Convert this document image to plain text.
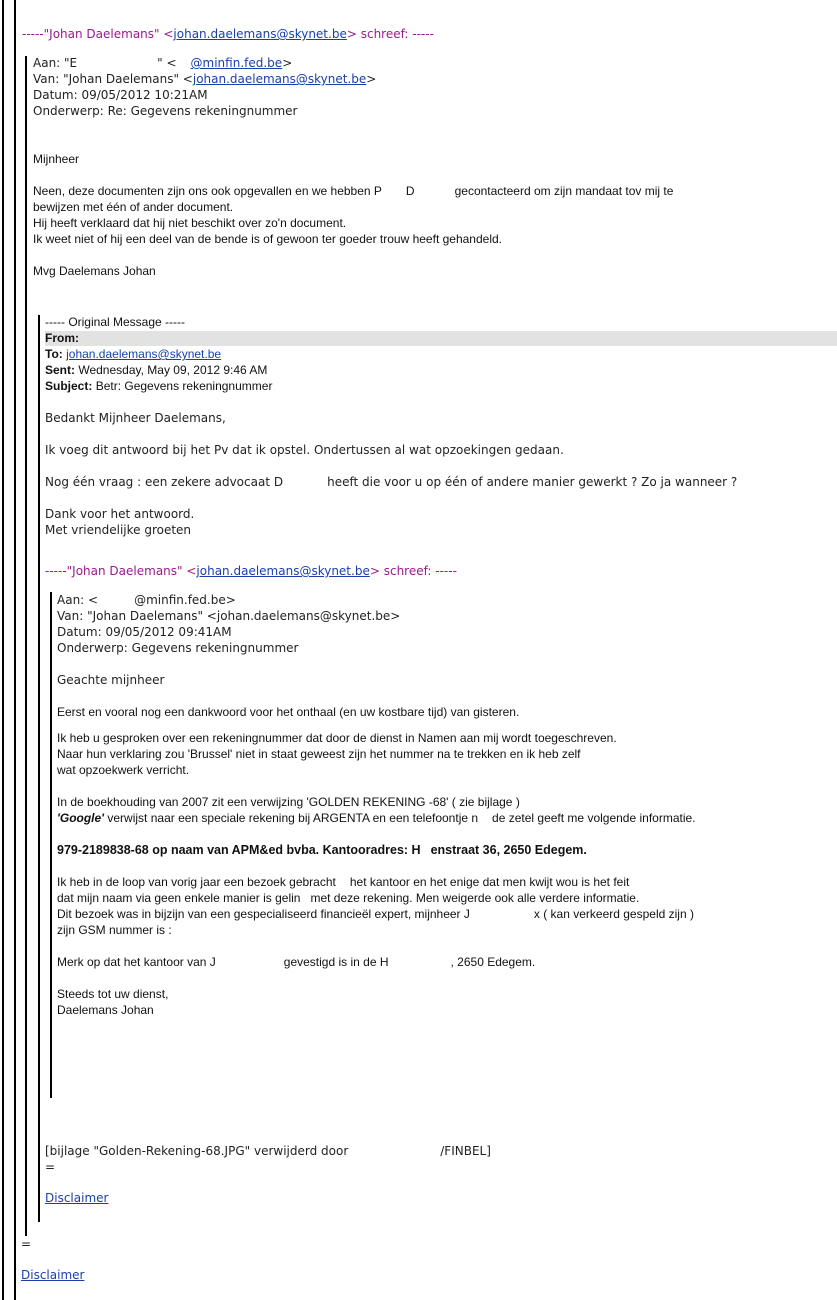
-----"Johan Daelemans" <johan.daelemans@skynet.be> schreef: -----
Aan: "E	" < @minfin.fed.be>
Van: "Johan Daelemans" <johan.daelemans@skynet.be>
Datum: 09/05/2012 10:21AM
Onderwerp: Re: Gegevens rekeningnummer
Mijnheer
Neen, deze documenten zijn ons ook opgevallen en we hebben P D	gecontacteerd om zijn mandaat tov mij te
bewijzen met één of ander document.
Hij heeft verklaard dat hij niet beschikt over zo'n document.
Ik weet niet of hij een deel van de bende is of gewoon ter goeder trouw heeft gehandeld.
Mvg Daelemans Johan
----- Original Message -----
From:
To: johan.daelemans@skynet.be
Sent: Wednesday, May 09, 2012 9:46 AM
Subject: Betr: Gegevens rekeningnummer
Bedankt Mijnheer Daelemans,
Ik voeg dit antwoord bij het Pv dat ik opstel. Ondertussen al wat opzoekingen gedaan.
Nog één vraag : een zekere advocaat D	heeft die voor u op één of andere manier gewerkt ? Zo ja wanneer ?
Dank voor het antwoord.
Met vriendelijke groeten
-----"Johan Daelemans" <johan.daelemans@skynet.be> schreef: -----
Aan: <	@minfin.fed.be>
Van: "Johan Daelemans" <johan.daelemans@skynet.be>
Datum: 09/05/2012 09:41AM
Onderwerp: Gegevens rekeningnummer
Geachte mijnheer
Eerst en vooral nog een dankwoord voor het onthaal (en uw kostbare tijd) van gisteren.
Ik heb u gesproken over een rekeningnummer dat door de dienst in Namen aan mij wordt toegeschreven.
Naar hun verklaring zou 'Brussel' niet in staat geweest zijn het nummer na te trekken en ik heb zelf
wat opzoekwerk verricht.
In de boekhouding van 2007 zit een verwijzing 'GOLDEN REKENING -68' ( zie bijlage )
'Google' verwijst naar een speciale rekening bij ARGENTA en een telefoontje n de zetel geeft me volgende informatie.
979-2189838-68 op naam van APM&ed bvba. Kantooradres: H enstraat 36, 2650 Edegem.
Ik heb in de loop van vorig jaar een bezoek gebracht het kantoor en het enige dat men kwijt wou is het feit
dat mijn naam via geen enkele manier is gelin met deze rekening. Men weigerde ook alle verdere informatie.
Dit bezoek was in bijzijn van een gespecialiseerd financieël expert, mijnheer J	x ( kan verkeerd gespeld zijn )
zijn GSM nummer is :
Merk op dat het kantoor van J	gevestigd is in de H	, 2650 Edegem.
Steeds tot uw dienst,
Daelemans Johan
[bijlage "Golden-Rekening-68.JPG" verwijderd door	/FINBEL]
=
Disclaimer
=
Disclaimer
